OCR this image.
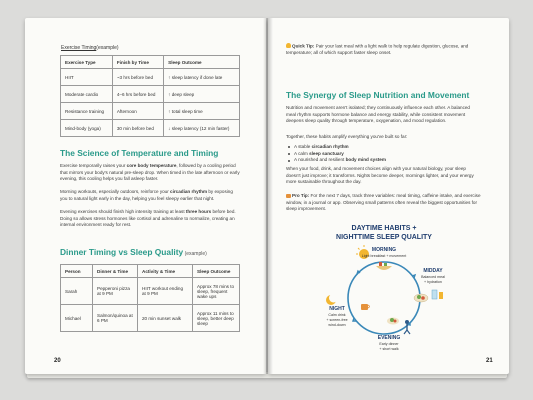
Exercise Timing(example)
Exercise Type	Finish by Time	Sleep Outcome
HIIT	~3 hrs before bed	↑ sleep latency if done late
Moderate cardio	4–6 hrs before bed	↑ deep sleep
Resistance training	Afternoon	↑ total sleep time
Mind-body (yoga)	30 min before bed	↓ sleep latency (12 min faster)
The Science of Temperature and Timing
Exercise temporarily raises your core body temperature, followed by a cooling period that mirrors your body's natural pre-sleep drop. When timed in the late afternoon or early evening, this cooling helps you fall asleep faster.
Morning workouts, especially outdoors, reinforce your circadian rhythm by exposing you to natural light early in the day, helping you feel sleepy earlier that night.
Evening exercises should finish high intensity training at least three hours before bed. Doing so allows stress hormones like cortisol and adrenaline to normalize, creating an internal environment ready for rest.
Dinner Timing vs Sleep Quality (example)
Person	Dinner & Time	Activity & Time	Sleep Outcome
Sarah	Pepperoni pizza at 9 PM	HIIT workout ending at 9 PM	Approx 78 mins to sleep, frequent wake ups
Michael	Salmon/quinoa at 6 PM	20 min sunset walk	Approx 11 mins to sleep, better deep sleep
20
Quick Tip: Pair your last meal with a light walk to help regulate digestion, glucose, and temperature; all of which support faster sleep onset.
The Synergy of Sleep Nutrition and Movement
Nutrition and movement aren't isolated; they continuously influence each other. A balanced meal rhythm supports hormone balance and energy stability, while consistent movement deepens sleep quality through temperature, oxygenation, and mood regulation.
Together, these habits amplify everything you've built so far:
A stable circadian rhythm
A calm sleep sanctuary
A nourished and resilient body mind system
When your food, drink, and movement choices align with your natural biology, your sleep doesn't just improve; it transforms. Nights become deeper, mornings lighter, and your energy more sustainable throughout the day.
Pro Tip: For the next 7 days, track three variables: meal timing, caffeine intake, and exercise window, in a journal or app. Observing small patterns often reveal the biggest opportunities for sleep improvement.
DAYTIME HABITS +
NIGHTTIME SLEEP QUALITY
MORNING
Light breakfast + movement
MIDDAY
Balanced meal
+ hydration
EVENING
Early dinner
+ short walk
NIGHT
Calm drink
+ screen-free
wind-down
21
